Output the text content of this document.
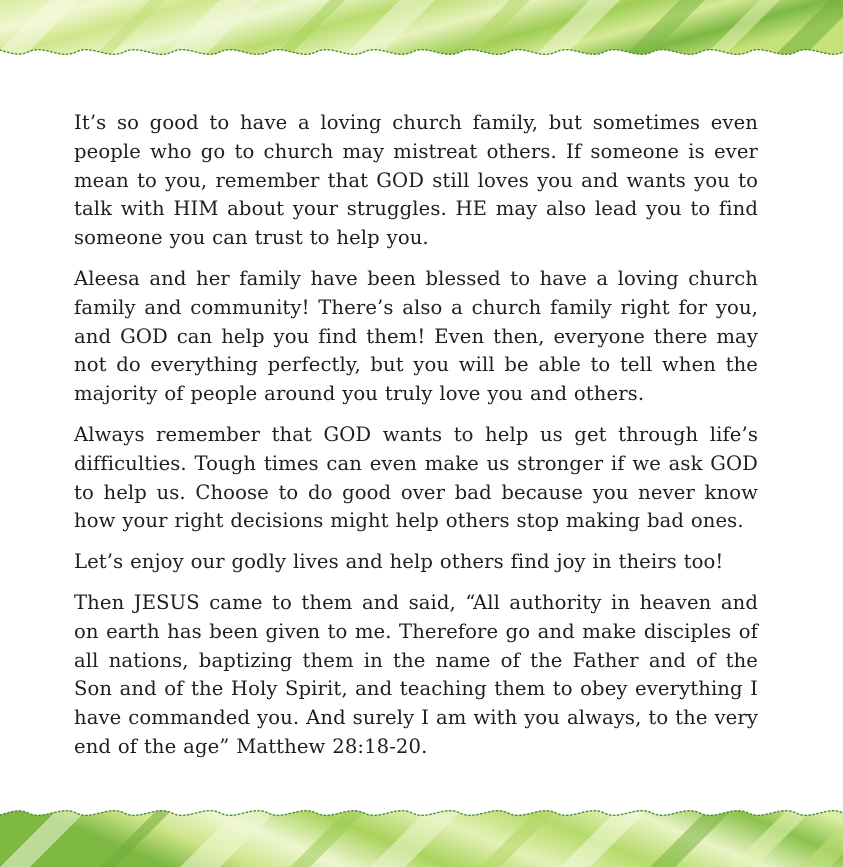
It’s so good to have a loving church family, but sometimes even people who go to church may mistreat others. If someone is ever mean to you, remember that GOD still loves you and wants you to talk with HIM about your struggles. HE may also lead you to find someone you can trust to help you.

Aleesa and her family have been blessed to have a loving church family and community! There’s also a church family right for you, and GOD can help you find them! Even then, everyone there may not do everything perfectly, but you will be able to tell when the majority of people around you truly love you and others.

Always remember that GOD wants to help us get through life’s difficulties. Tough times can even make us stronger if we ask GOD to help us. Choose to do good over bad because you never know how your right decisions might help others stop making bad ones.

Let’s enjoy our godly lives and help others find joy in theirs too!

Then JESUS came to them and said, “All authority in heaven and on earth has been given to me. Therefore go and make disciples of all nations, baptizing them in the name of the Father and of the Son and of the Holy Spirit, and teaching them to obey everything I have commanded you. And surely I am with you always, to the very end of the age” Matthew 28:18-20.
